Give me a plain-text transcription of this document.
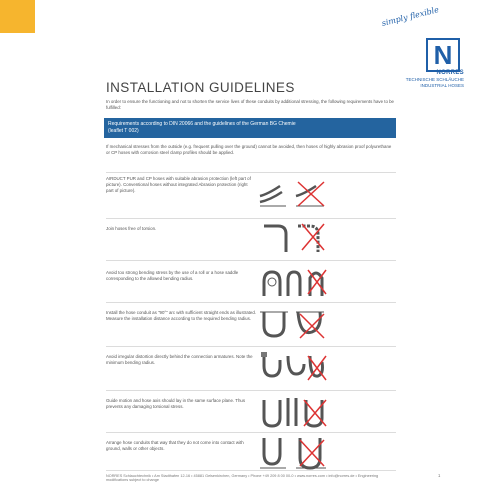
simply flexible
N
NORRES
TECHNISCHE SCHLÄUCHE
INDUSTRIAL HOSES
INSTALLATION GUIDELINES
In order to ensure the functioning and not to shorten the service lives of these conduits by additional stressing, the following requirements have to be fulfilled:
Requirements according to DIN 20066 and the guidelines of the German BG Chemie
(leaflet T 002)
If mechanical stresses from the outside (e.g. frequent pulling over the ground) cannot be avoided, then hoses of highly abrasion proof polyurethane or CP hoses with corrosion steel clamp profiles should be applied.
AIRDUCT PUR and CP hoses with suitable abrasion protection (left part of picture). Conventional hoses without integrated Abrasion protection (right part of picture).
Join hoses free of torsion.
Avoid too strong bending stress by the use of a roll or a hose saddle corresponding to the allowed bending radius.
Install the hose conduit as "90°" arc with sufficient straight ends as illustrated. Measure the installation distance according to the required bending radius.
Avoid irregular distortion directly behind the connection armatures. Note the minimum bending radius.
Guide motion and hose axis should lay in the same surface plane. Thus prevents any damaging torsional stress.
Arrange hose conduits that way that they do not come into contact with ground, walls or other objects.
NORRES Schlauchtechnik • Am Stadthafen 12-16 • 45881 Gelsenkirchen, Germany • Phone +49 209 8 00 00-0 • www.norres.com • info@norres.de • Engineering modifications subject to change
1
